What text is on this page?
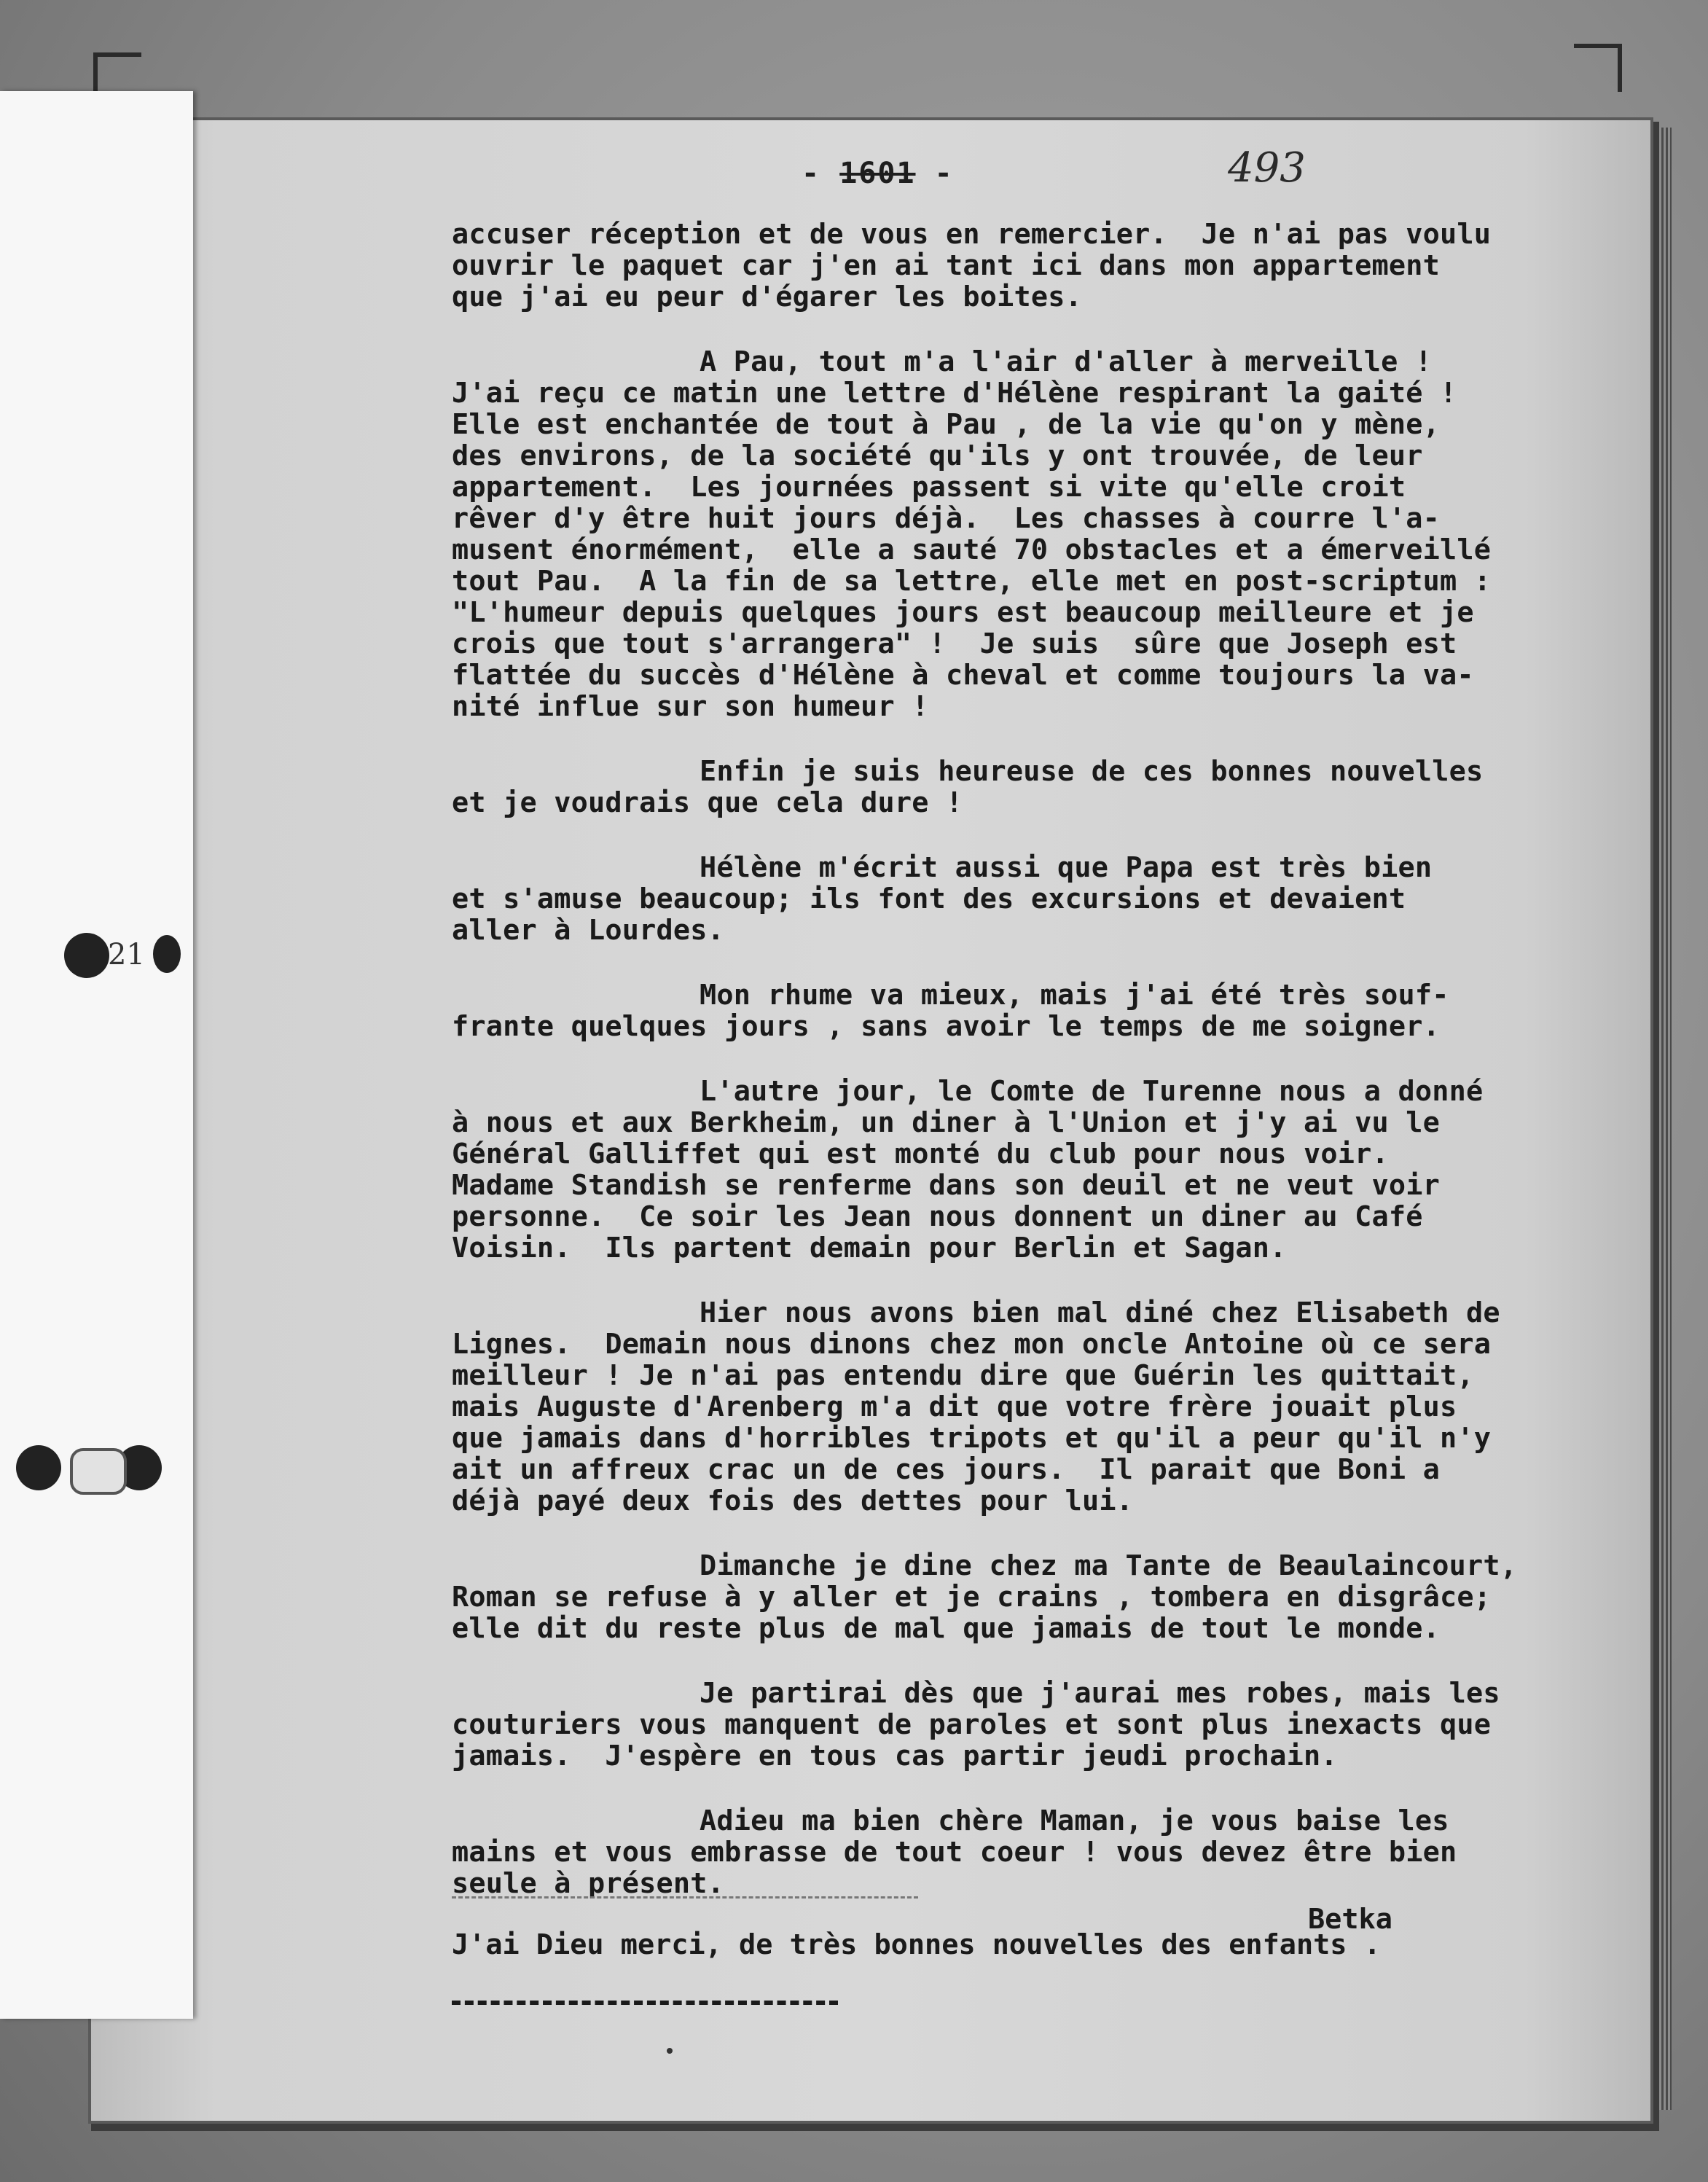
21
- 1601 -	493
accuser réception et de vous en remercier.  Je n'ai pas voulu
ouvrir le paquet car j'en ai tant ici dans mon appartement
que j'ai eu peur d'égarer les boites.
A Pau, tout m'a l'air d'aller à merveille !
J'ai reçu ce matin une lettre d'Hélène respirant la gaité !
Elle est enchantée de tout à Pau , de la vie qu'on y mène,
des environs, de la société qu'ils y ont trouvée, de leur
appartement.  Les journées passent si vite qu'elle croit
rêver d'y être huit jours déjà.  Les chasses à courre l'a-
musent énormément,  elle a sauté 70 obstacles et a émerveillé
tout Pau.  A la fin de sa lettre, elle met en post-scriptum :
"L'humeur depuis quelques jours est beaucoup meilleure et je
crois que tout s'arrangera" !  Je suis  sûre que Joseph est
flattée du succès d'Hélène à cheval et comme toujours la va-
nité influe sur son humeur !
Enfin je suis heureuse de ces bonnes nouvelles
et je voudrais que cela dure !
Hélène m'écrit aussi que Papa est très bien
et s'amuse beaucoup; ils font des excursions et devaient
aller à Lourdes.
Mon rhume va mieux, mais j'ai été très souf-
frante quelques jours , sans avoir le temps de me soigner.
L'autre jour, le Comte de Turenne nous a donné
à nous et aux Berkheim, un diner à l'Union et j'y ai vu le
Général Galliffet qui est monté du club pour nous voir.
Madame Standish se renferme dans son deuil et ne veut voir
personne.  Ce soir les Jean nous donnent un diner au Café
Voisin.  Ils partent demain pour Berlin et Sagan.
Hier nous avons bien mal diné chez Elisabeth de
Lignes.  Demain nous dinons chez mon oncle Antoine où ce sera
meilleur ! Je n'ai pas entendu dire que Guérin les quittait,
mais Auguste d'Arenberg m'a dit que votre frère jouait plus
que jamais dans d'horribles tripots et qu'il a peur qu'il n'y
ait un affreux crac un de ces jours.  Il parait que Boni a
déjà payé deux fois des dettes pour lui.
Dimanche je dine chez ma Tante de Beaulaincourt,
Roman se refuse à y aller et je crains , tombera en disgrâce;
elle dit du reste plus de mal que jamais de tout le monde.
Je partirai dès que j'aurai mes robes, mais les
couturiers vous manquent de paroles et sont plus inexacts que
jamais.  J'espère en tous cas partir jeudi prochain.
Adieu ma bien chère Maman, je vous baise les
mains et vous embrasse de tout coeur ! vous devez être bien
seule à présent.
Betka
J'ai Dieu merci, de très bonnes nouvelles des enfants .
